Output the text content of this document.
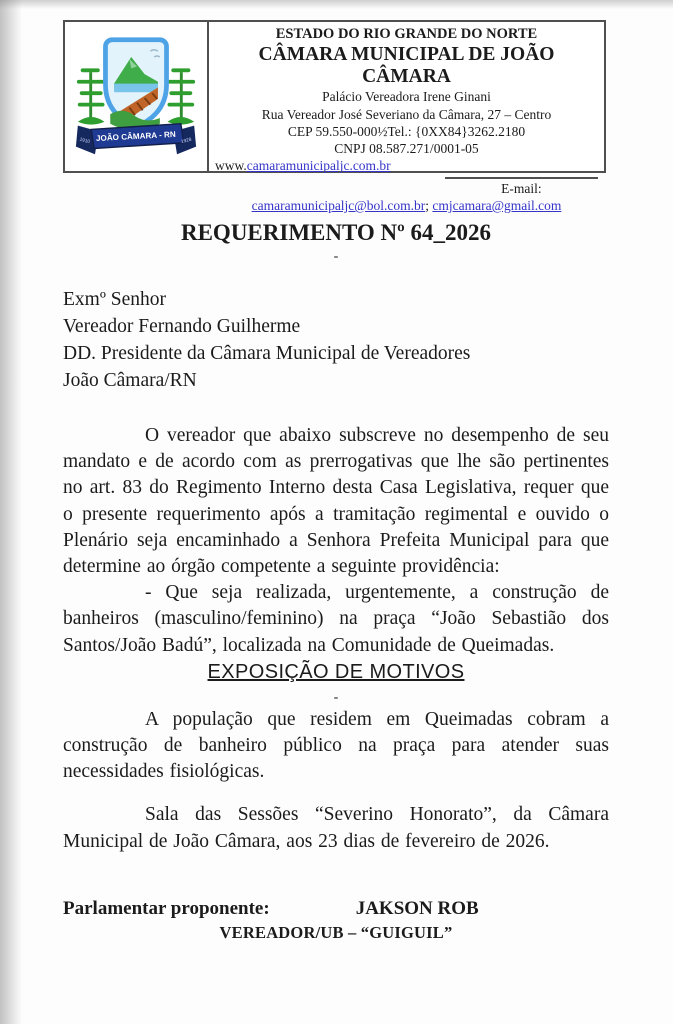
JOÃO CÂMARA - RN
1910	1928
ESTADO DO RIO GRANDE DO NORTE
CÂMARA MUNICIPAL DE JOÃO CÂMARA
Palácio Vereadora Irene Ginani
Rua Vereador José Severiano da Câmara, 27 – Centro
CEP 59.550-000½Tel.: {0XX84}3262.2180
CNPJ 08.587.271/0001-05
www.camaramunicipaljc.com.br
E-mail:
camaramunicipaljc@bol.com.br; cmjcamara@gmail.com
REQUERIMENTO Nº 64_2026
-
Exmº Senhor
Vereador Fernando Guilherme
DD. Presidente da Câmara Municipal de Vereadores
João Câmara/RN

O vereador que abaixo subscreve no desempenho de seu mandato e de acordo com as prerrogativas que lhe são pertinentes no art. 83 do Regimento Interno desta Casa Legislativa, requer que o presente requerimento após a tramitação regimental e ouvido o Plenário seja encaminhado a Senhora Prefeita Municipal para que determine ao órgão competente a seguinte providência:

- Que seja realizada, urgentemente, a construção de banheiros (masculino/feminino) na praça “João Sebastião dos Santos/João Badú”, localizada na Comunidade de Queimadas.

EXPOSIÇÃO DE MOTIVOS
-

A população que residem em Queimadas cobram a construção de banheiro público na praça para atender suas necessidades fisiológicas.

Sala das Sessões “Severino Honorato”, da Câmara Municipal de João Câmara, aos 23 dias de fevereiro de 2026.

Parlamentar proponente:	JAKSON ROB
VEREADOR/UB – “GUIGUIL”
